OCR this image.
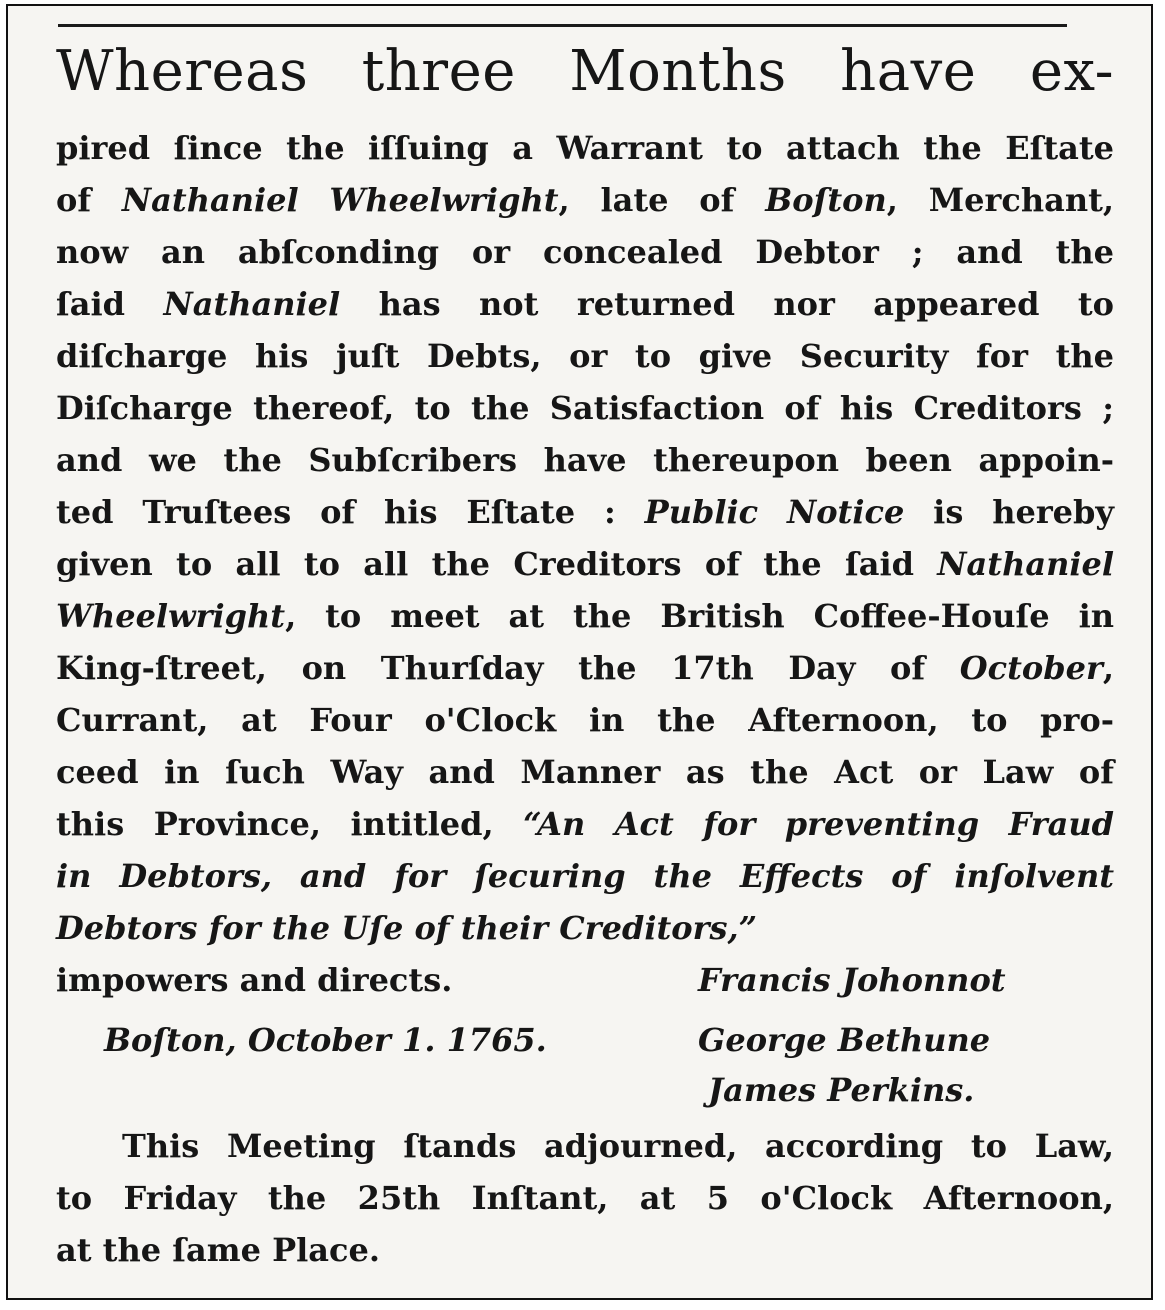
Whereas three Months have ex-
pired ſince the iſſuing a Warrant to attach the Eſtate
of Nathaniel Wheelwright, late of Boſton, Merchant,
now an abſconding or concealed Debtor ; and the
ſaid Nathaniel has not returned nor appeared to
diſcharge his juſt Debts, or to give Security for the
Diſcharge thereof, to the Satisfaction of his Creditors ;
and we the Subſcribers have thereupon been appoin-
ted Truſtees of his Eſtate : Public Notice is hereby
given to all to all the Creditors of the ſaid Nathaniel
Wheelwright, to meet at the British Coffee-Houſe in
King-ſtreet, on Thurſday the 17th Day of October,
Currant, at Four o'Clock in the Afternoon, to pro-
ceed in ſuch Way and Manner as the Act or Law of
this Province, intitled, “An Act for preventing Fraud
in Debtors, and for ſecuring the Effects of inſolvent
Debtors for the Uſe of their Creditors,”
impowers and directs.	Francis Johonnot
Boſton, October 1. 1765.	George Bethune
James Perkins.
This Meeting ſtands adjourned, according to Law,
to Friday the 25th Inſtant, at 5 o'Clock Afternoon,
at the ſame Place.
